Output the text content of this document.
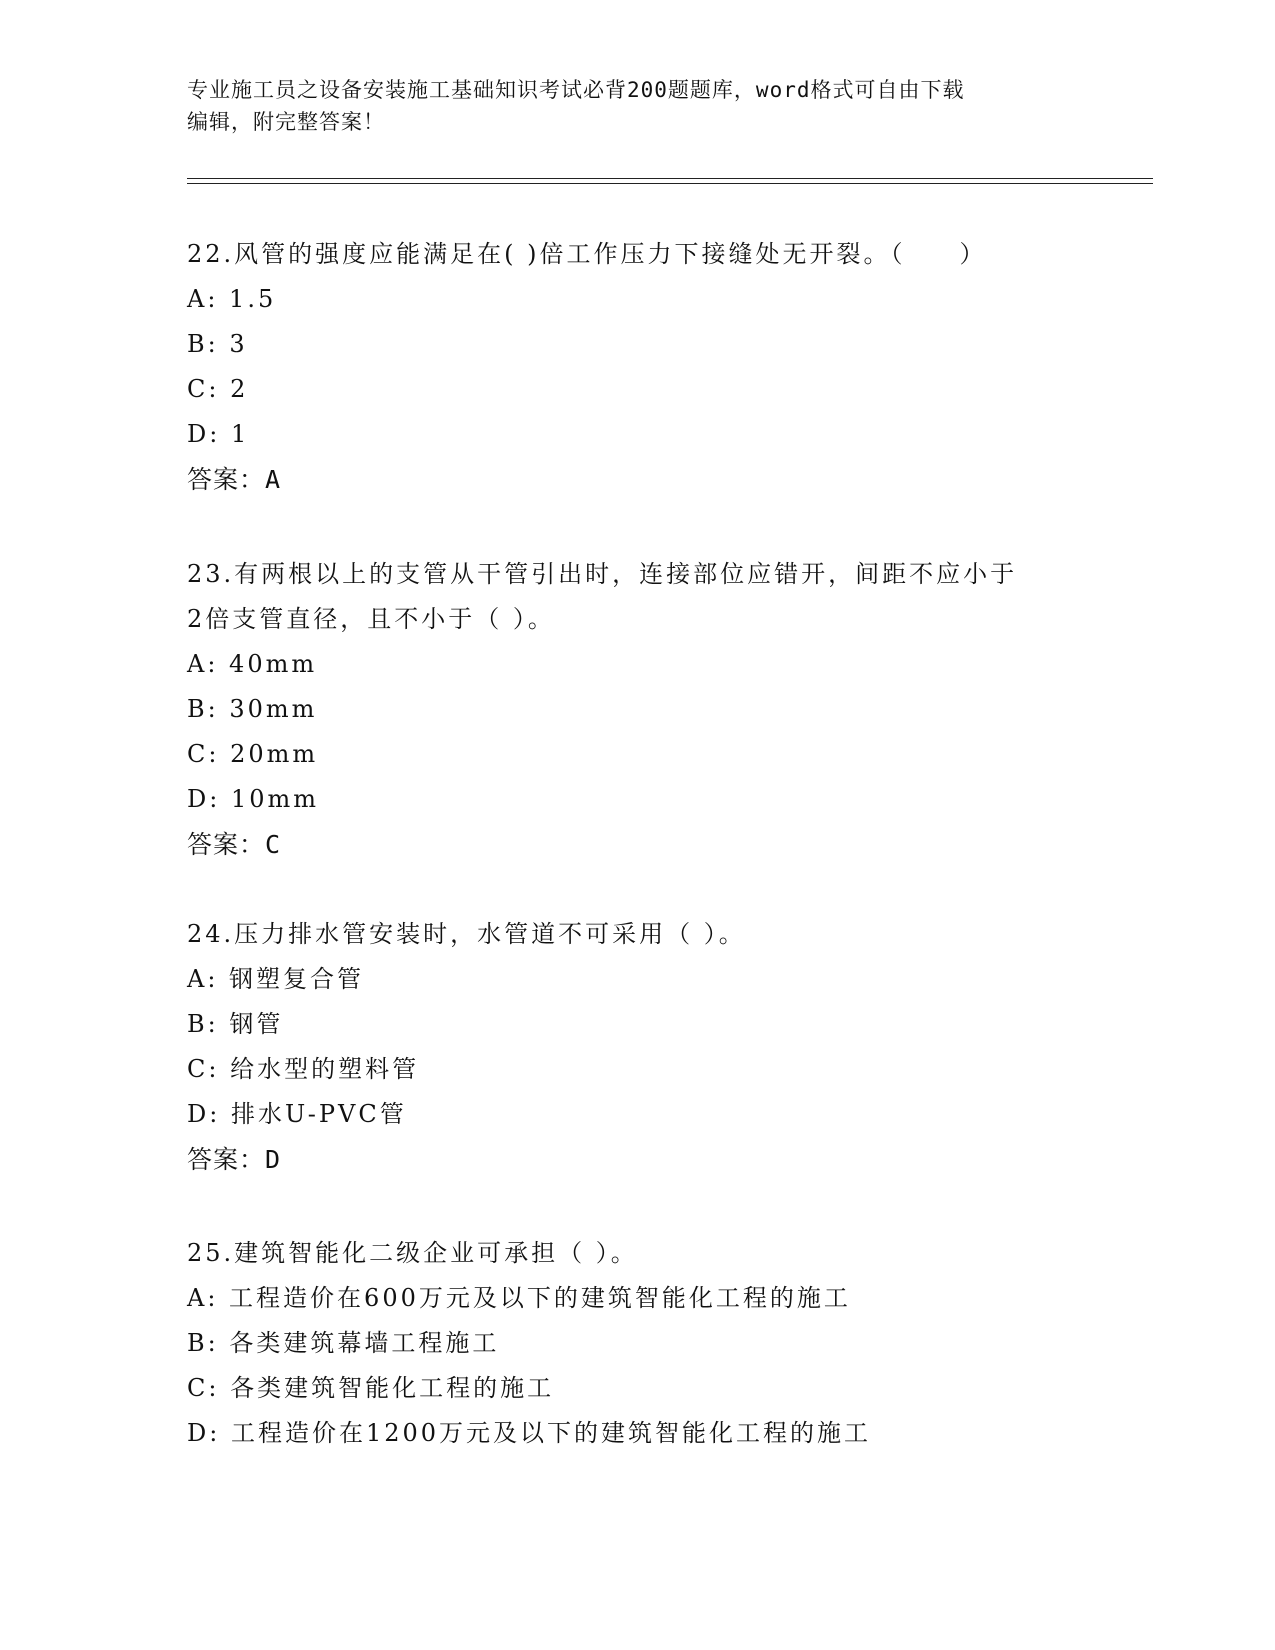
专业施工员之设备安装施工基础知识考试必背200题题库，word格式可自由下载
编辑，附完整答案！

22.风管的强度应能满足在( )倍工作压力下接缝处无开裂。（　　）

A: 1.5

B: 3

C: 2

D: 1

答案：A

23.有两根以上的支管从干管引出时，连接部位应错开，间距不应小于

2倍支管直径，且不小于（ ）。

A: 40mm

B: 30mm

C: 20mm

D: 10mm

答案：C

24.压力排水管安装时，水管道不可采用（ ）。

A: 钢塑复合管

B: 钢管

C: 给水型的塑料管

D: 排水U-PVC管

答案：D

25.建筑智能化二级企业可承担（ ）。

A: 工程造价在600万元及以下的建筑智能化工程的施工

B: 各类建筑幕墙工程施工

C: 各类建筑智能化工程的施工

D: 工程造价在1200万元及以下的建筑智能化工程的施工
